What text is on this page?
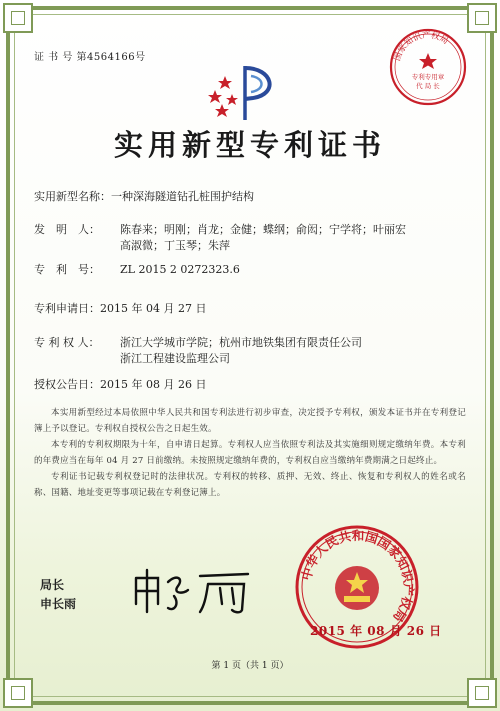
证 书 号 第4564166号	国家知识产权局
专利专用章
代 局 长
实用新型专利证书
实用新型名称：一种深海隧道钻孔桩围护结构
发　明　人： 陈春来；明刚；肖龙；金健；蝶纲；俞闳；宁学将；叶丽宏
高淑微；丁玉琴；朱萍
专　利　号： ZL 2015 2 0272323.6
专利申请日：2015 年 04 月 27 日
专 利 权 人： 浙江大学城市学院；杭州市地铁集团有限责任公司
浙江工程建设监理公司
授权公告日：2015 年 08 月 26 日

本实用新型经过本局依照中华人民共和国专利法进行初步审查，决定授予专利权，颁发本证书并在专利登记簿上予以登记。专利权自授权公告之日起生效。

本专利的专利权期限为十年，自申请日起算。专利权人应当依照专利法及其实施细则规定缴纳年费。本专利的年费应当在每年 04 月 27 日前缴纳。未按照规定缴纳年费的，专利权自应当缴纳年费期满之日起终止。

专利证书记载专利权登记时的法律状况。专利权的转移、质押、无效、终止、恢复和专利权人的姓名或名称、国籍、地址变更等事项记载在专利登记簿上。

局长
申长雨
中华人民共和国国家知识产权局
2015 年 08 月 26 日
第 1 页（共 1 页）
